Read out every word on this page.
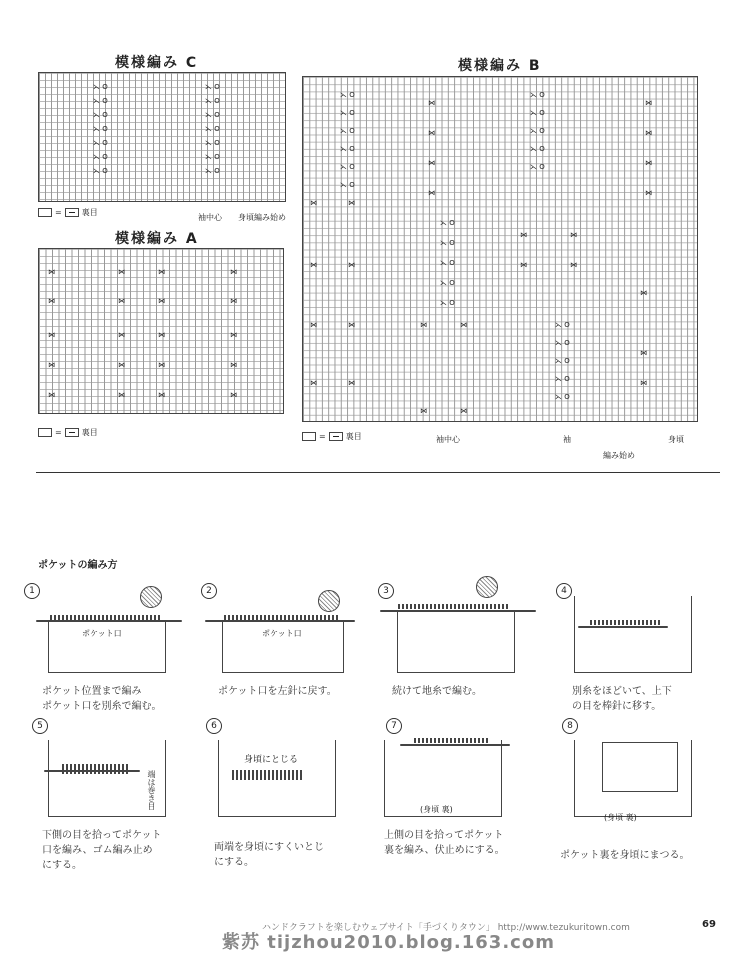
模様編み C
⋋ O
⋋ O
⋋ O
⋋ O
⋋ O
⋋ O
⋋ O
⋋ O
⋋ O
⋋ O
⋋ O
⋋ O
⋋ O
⋋ O
=	裏目
袖中心 身頃編み始め
模様編み A
⋈	⋈	⋈	⋈
⋈	⋈	⋈	⋈
⋈	⋈	⋈	⋈
⋈	⋈	⋈	⋈
⋈	⋈	⋈	⋈
=	裏目
模様編み B
⋋ O
⋋ O
⋋ O
⋋ O
⋋ O
⋋ O
⋈
⋈
⋈
⋈
⋋ O
⋋ O
⋋ O
⋋ O
⋋ O
⋈
⋈
⋈
⋈
⋈	⋈
⋈	⋈
⋈	⋈
⋈	⋈
⋋ O
⋋ O
⋋ O
⋋ O
⋋ O
⋈	⋈
⋈	⋈
⋈	⋈
⋈	⋈
⋋ O
⋋ O
⋋ O
⋋ O
⋋ O
⋈
⋈
⋈
=	裏目	袖中心	袖	身頃
編み始め
ポケットの編み方
1
ポケット口
ポケット位置まで編み
ポケット口を別糸で編む。
2
ポケット口
ポケット口を左針に戻す。
3
続けて地糸で編む。
4
別糸をほどいて、上下
の目を棒針に移す。
5
端は巻き目
下側の目を拾ってポケット
口を編み、ゴム編み止め
にする。
6
身頃にとじる
両端を身頃にすくいとじ
にする。
7
(身頃 裏)
上側の目を拾ってポケット
裏を編み、伏止めにする。
8
(身頃 裏)
ポケット裏を身頃にまつる。
ハンドクラフトを楽しむウェブサイト「手づくりタウン」 http://www.tezukuritown.com	69
紫苏 tijzhou2010.blog.163.com
